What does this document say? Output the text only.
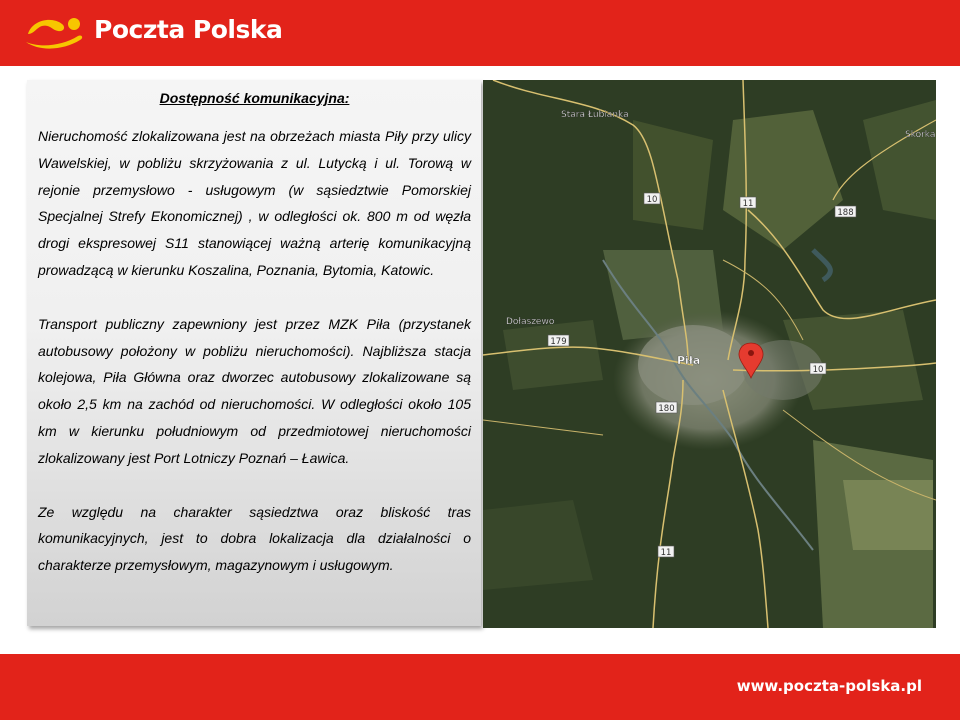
Poczta Polska
Dostępność komunikacyjna:

Nieruchomość zlokalizowana jest na obrzeżach miasta Piły przy ulicy Wawelskiej, w pobliżu skrzyżowania z ul. Lutycką i ul. Torową w rejonie przemysłowo - usługowym (w sąsiedztwie Pomorskiej Specjalnej Strefy Ekonomicznej) , w odległości ok. 800 m od węzła drogi ekspresowej S11 stanowiącej ważną arterię komunikacyjną prowadzącą w kierunku Koszalina, Poznania, Bytomia, Katowic.

Transport publiczny zapewniony jest przez MZK Piła (przystanek autobusowy położony w pobliżu nieruchomości). Najbliższa stacja kolejowa, Piła Główna oraz dworzec autobusowy zlokalizowane są około 2,5 km na zachód od nieruchomości. W odległości około 105 km w kierunku południowym od przedmiotowej nieruchomości zlokalizowany jest Port Lotniczy Poznań – Ławica.

Ze względu na charakter sąsiedztwa oraz bliskość tras komunikacyjnych, jest to dobra lokalizacja dla działalności o charakterze przemysłowym, magazynowym i usługowym.

10	11
188
179
10
180
11
Stara Łubianka
Skorka
Dołaszewo
Piła
www.poczta-polska.pl
